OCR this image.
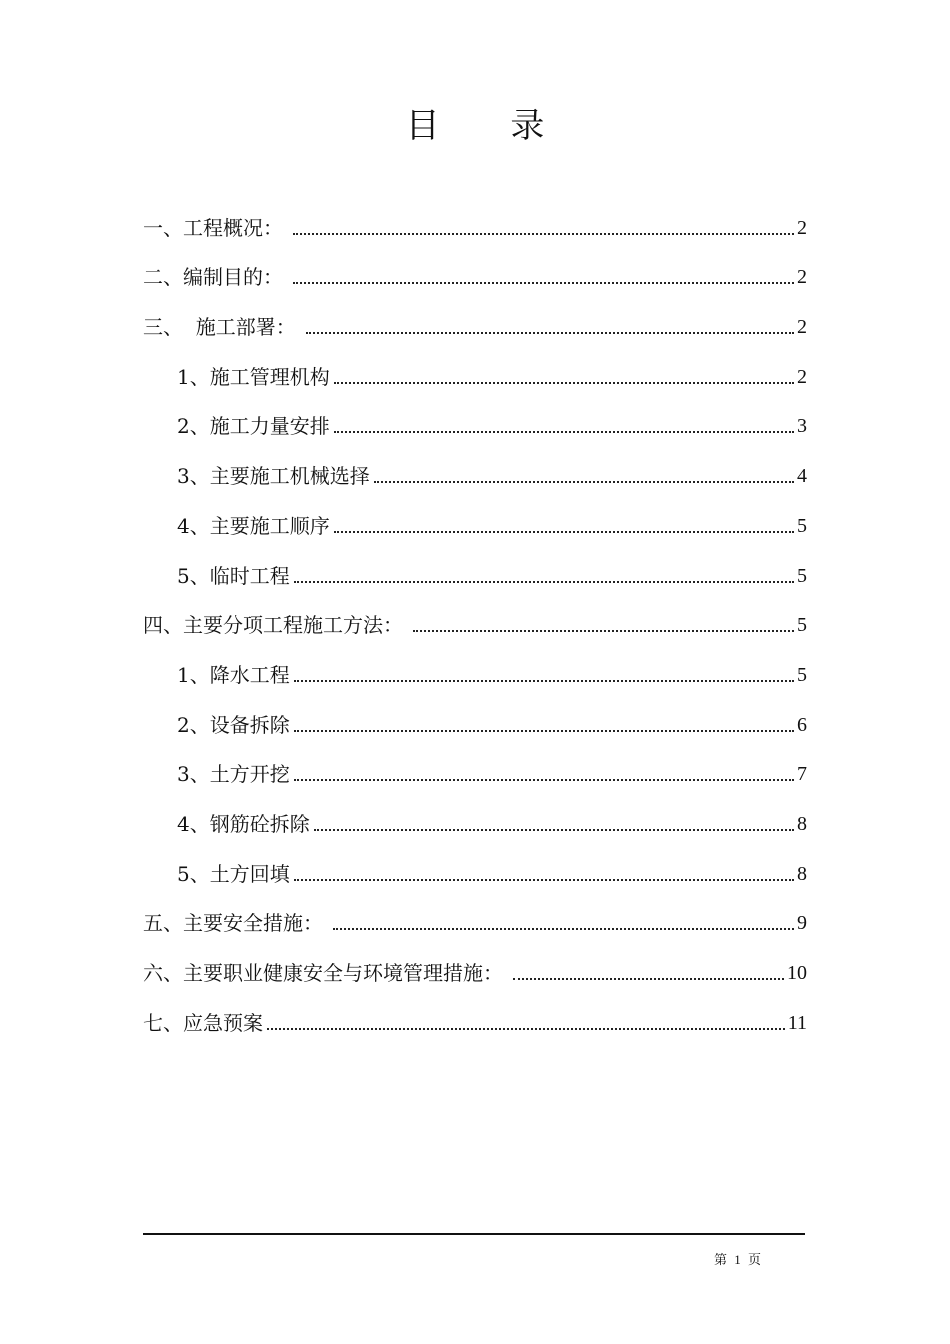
目 录
一、工程概况：	2
二、编制目的：	2
三、  施工部署：	2
1、施工管理机构	2
2、施工力量安排	3
3、主要施工机械选择	4
4、主要施工顺序	5
5、临时工程	5
四、主要分项工程施工方法：	5
1、降水工程	5
2、设备拆除	6
3、土方开挖	7
4、钢筋砼拆除	8
5、土方回填	8
五、主要安全措施：	9
六、主要职业健康安全与环境管理措施：	10
七、应急预案	11
第 1 页
